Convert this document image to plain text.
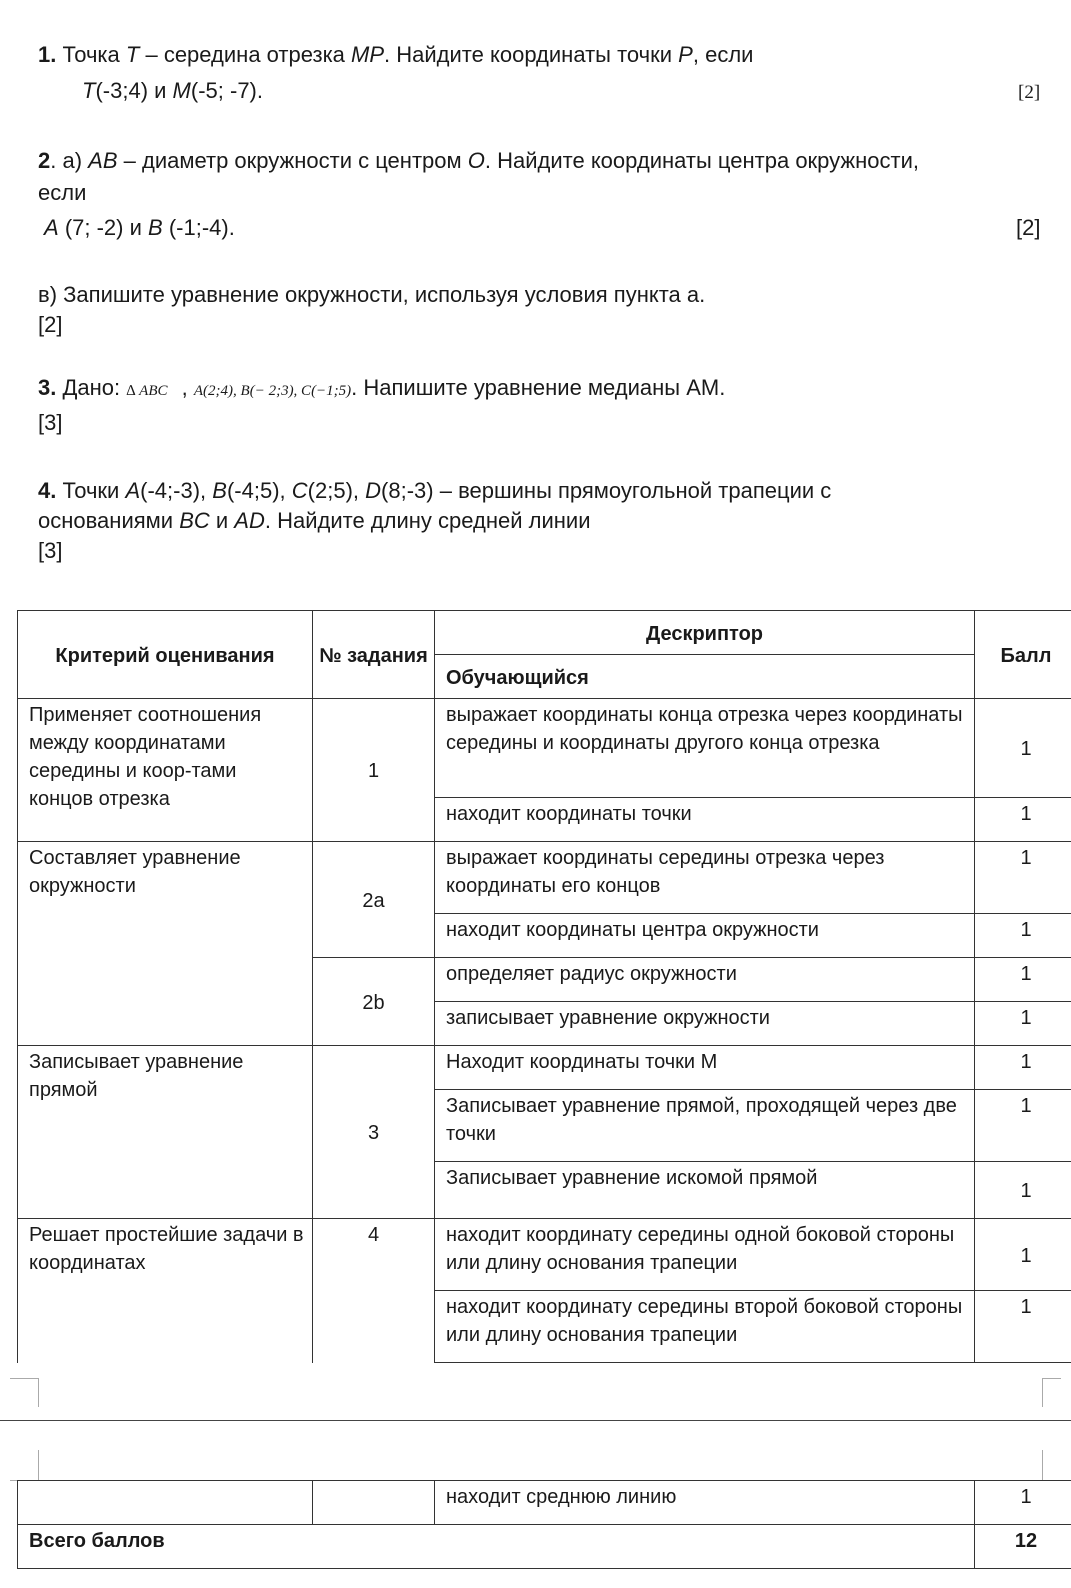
1. Точка T – середина отрезка MP. Найдите координаты точки P, если
T(-3;4) и M(-5; -7).	[2]
2. а) AB – диаметр окружности с центром O. Найдите координаты центра окружности,
если
A (7; -2) и B (-1;-4).	[2]
в) Запишите уравнение окружности, используя условия пункта а.
[2]
3. Дано: ∆ ABC , A(2;4), B(− 2;3), C(−1;5). Напишите уравнение медианы АМ.
[3]
4. Точки A(-4;-3), B(-4;5), C(2;5), D(8;-3) – вершины прямоугольной трапеции с
основаниями BC и AD. Найдите длину средней линии
[3]
Критерий оценивания	№ задания	Дескриптор	Балл
		Обучающийся	
Применяет соотношения между координатами середины и коор-тами концов отрезка	1	выражает координаты конца отрезка через координаты середины и координаты другого конца отрезка	1
		находит координаты точки	1
Составляет уравнение окружности	2a	выражает координаты середины отрезка через координаты его концов	1
		находит координаты центра окружности	1
	2b	определяет радиус окружности	1
		записывает уравнение окружности	1
Записывает уравнение прямой	3	Находит координаты точки М	1
		Записывает уравнение прямой, проходящей через две точки	1
		Записывает уравнение искомой прямой	1
Решает простейшие задачи в координатах	4	находит координату середины одной боковой стороны или длину основания трапеции	1
		находит координату середины второй боковой стороны или длину основания трапеции	1
		находит среднюю линию	1
Всего баллов			12
